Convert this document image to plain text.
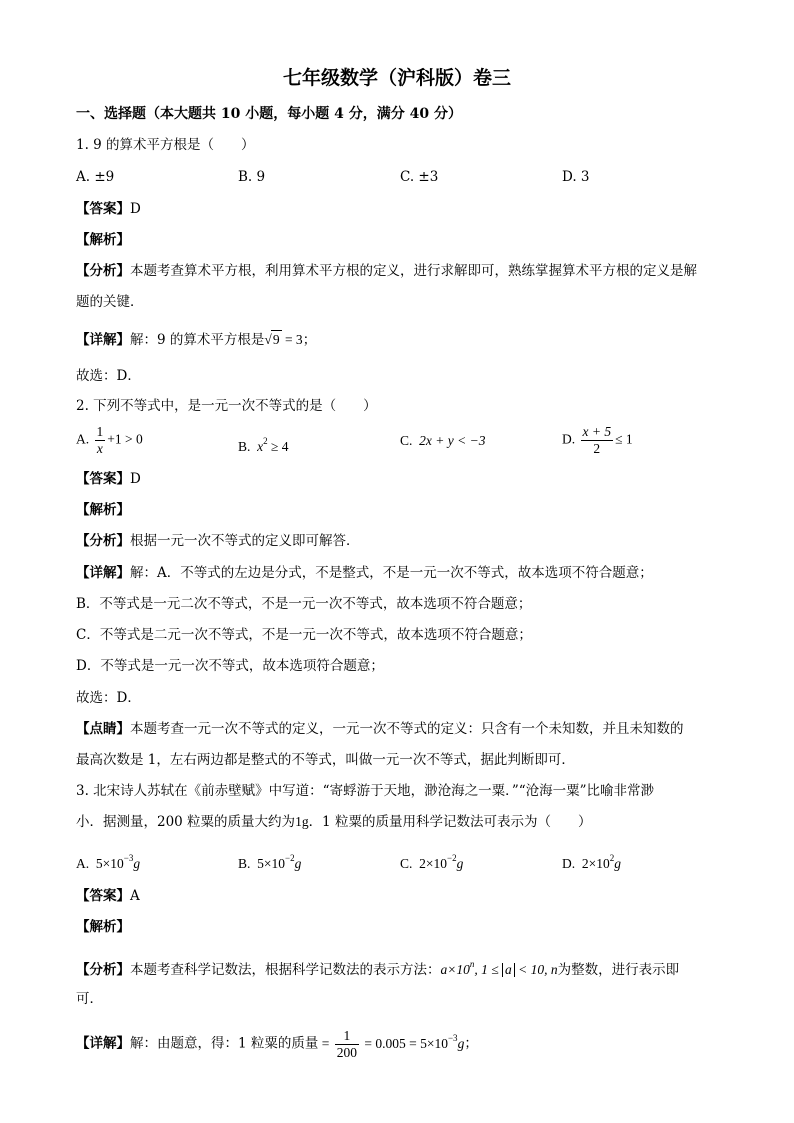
七年级数学（沪科版）卷三
一、选择题（本大题共 10 小题，每小题 4 分，满分 40 分）
1. 9 的算术平方根是（　　）
A. ±9	B. 9	C. ±3	D. 3
【答案】D
【解析】
【分析】本题考查算术平方根，利用算术平方根的定义，进行求解即可，熟练掌握算术平方根的定义是解
题的关键．
【详解】解：9 的算术平方根是√9 = 3；
故选：D．
2. 下列不等式中，是一元一次不等式的是（　　）
A. $\frac{1}{x} +1 > 0$	B. $x^2 \ge 4$	C. 2x + y < −3	D. $\frac{x + 5}{2} \le 1$
【答案】D
【解析】
【分析】根据一元一次不等式的定义即可解答．
【详解】解：A．不等式的左边是分式，不是整式，不是一元一次不等式，故本选项不符合题意；
B．不等式是一元二次不等式，不是一元一次不等式，故本选项不符合题意；
C．不等式是二元一次不等式，不是一元一次不等式，故本选项不符合题意；
D．不等式是一元一次不等式，故本选项符合题意；
故选：D．
【点睛】本题考查一元一次不等式的定义，一元一次不等式的定义：只含有一个未知数，并且未知数的
最高次数是 1，左右两边都是整式的不等式，叫做一元一次不等式，据此判断即可．
3. 北宋诗人苏轼在《前赤壁赋》中写道：“寄蜉游于天地，渺沧海之一粟．”“沧海一粟”比喻非常渺
小．据测量，200 粒粟的质量大约为1g．1 粒粟的质量用科学记数法可表示为（　　）
A. $5\times 10^{-3}g$	B. $5\times 10^{-2}g$	C. $2\times 10^{-2}g$	D. $2\times 10^2g$
【答案】A
【解析】
【分析】本题考查科学记数法，根据科学记数法的表示方法：$a\times 10^n$, 1 ≤ a < 10, n为整数，进行表示即
可．
【详解】解：由题意，得：1 粒粟的质量 = $\frac{1}{200} = 0.005 = 5\times 10^{-3}g$；
